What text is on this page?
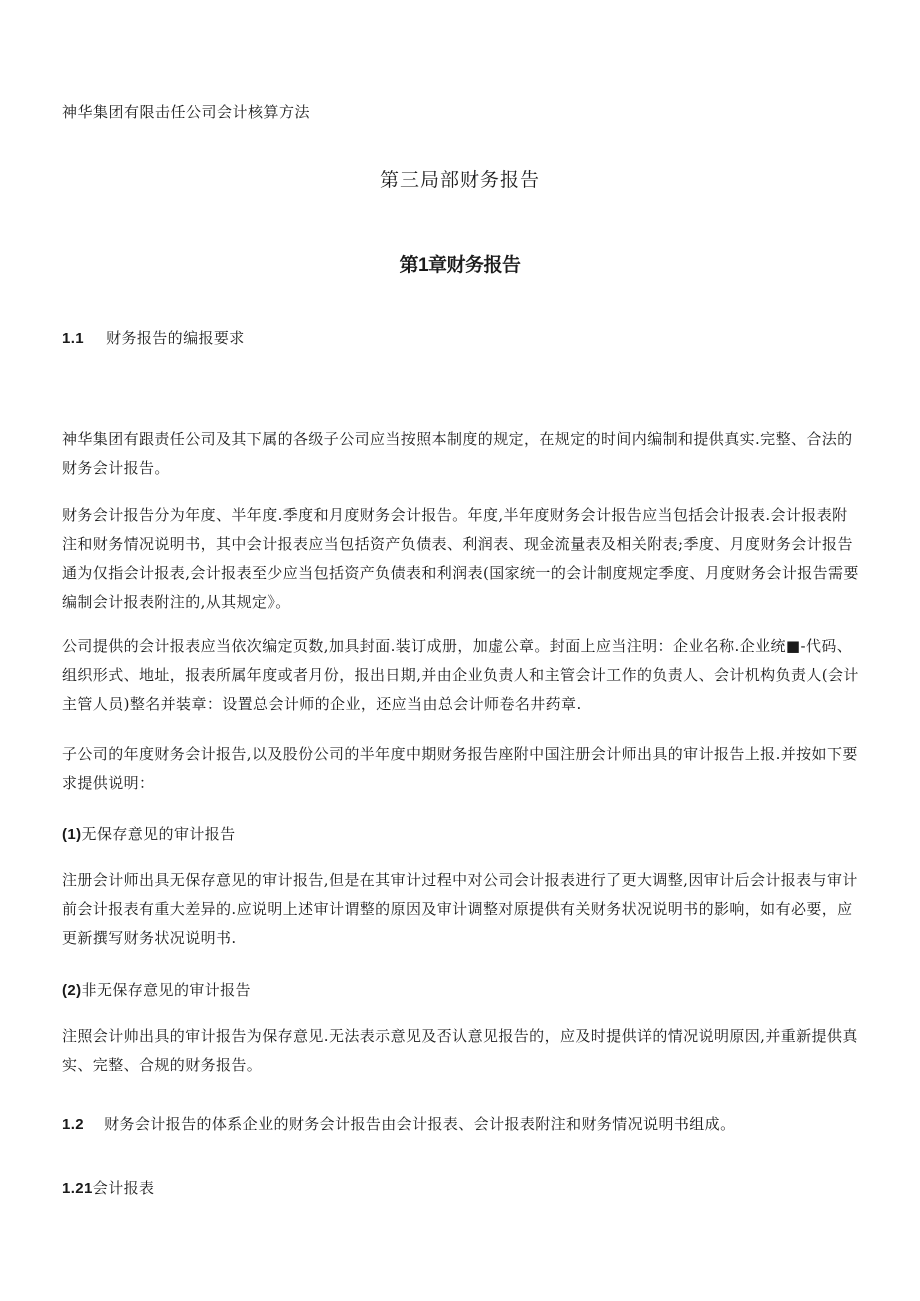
神华集团有限击任公司会计核算方法

第三局部财务报告
第1章财务报告
1.1 财务报告的编报要求

神华集团有跟责任公司及其下属的各级子公司应当按照本制度的规定，在规定的时间内编制和提供真实.完整、合法的财务会计报告。

财务会计报告分为年度、半年度.季度和月度财务会计报告。年度,半年度财务会计报告应当包括会计报表.会计报表附注和财务情况说明书，其中会计报表应当包括资产负债表、利润表、现金流量表及相关附表;季度、月度财务会计报告通为仅指会计报表,会计报表至少应当包括资产负债表和利润表(国家统一的会计制度规定季度、月度财务会计报告需要编制会计报表附注的,从其规定》。

公司提供的会计报表应当依次编定页数,加具封面.装订成册，加虚公章。封面上应当注明：企业名称.企业统■-代码、组织形式、地址，报表所属年度或者月份，报出日期,并由企业负责人和主管会计工作的负责人、会计机构负责人(会计主管人员)整名并装章：设置总会计师的企业，还应当由总会计师卷名井药章.

子公司的年度财务会计报告,以及股份公司的半年度中期财务报告座附中国注册会计师出具的审计报告上报.并按如下要求提供说明：

(1)无保存意见的审计报告

注册会计师出具无保存意见的审计报告,但是在其审计过程中对公司会计报表进行了更大调整,因审计后会计报表与审计前会计报表有重大差异的.应说明上述审计谓整的原因及审计调整对原提供有关财务状况说明书的影响，如有必要，应更新撰写财务状况说明书.

(2)非无保存意见的审计报告

注照会计帅出具的审计报告为保存意见.无法表示意见及否认意见报告的，应及时提供详的情况说明原因,并重新提供真实、完整、合规的财务报告。

1.2 财务会计报告的体系企业的财务会计报告由会计报表、会计报表附注和财务情况说明书组成。
1.21会计报表
